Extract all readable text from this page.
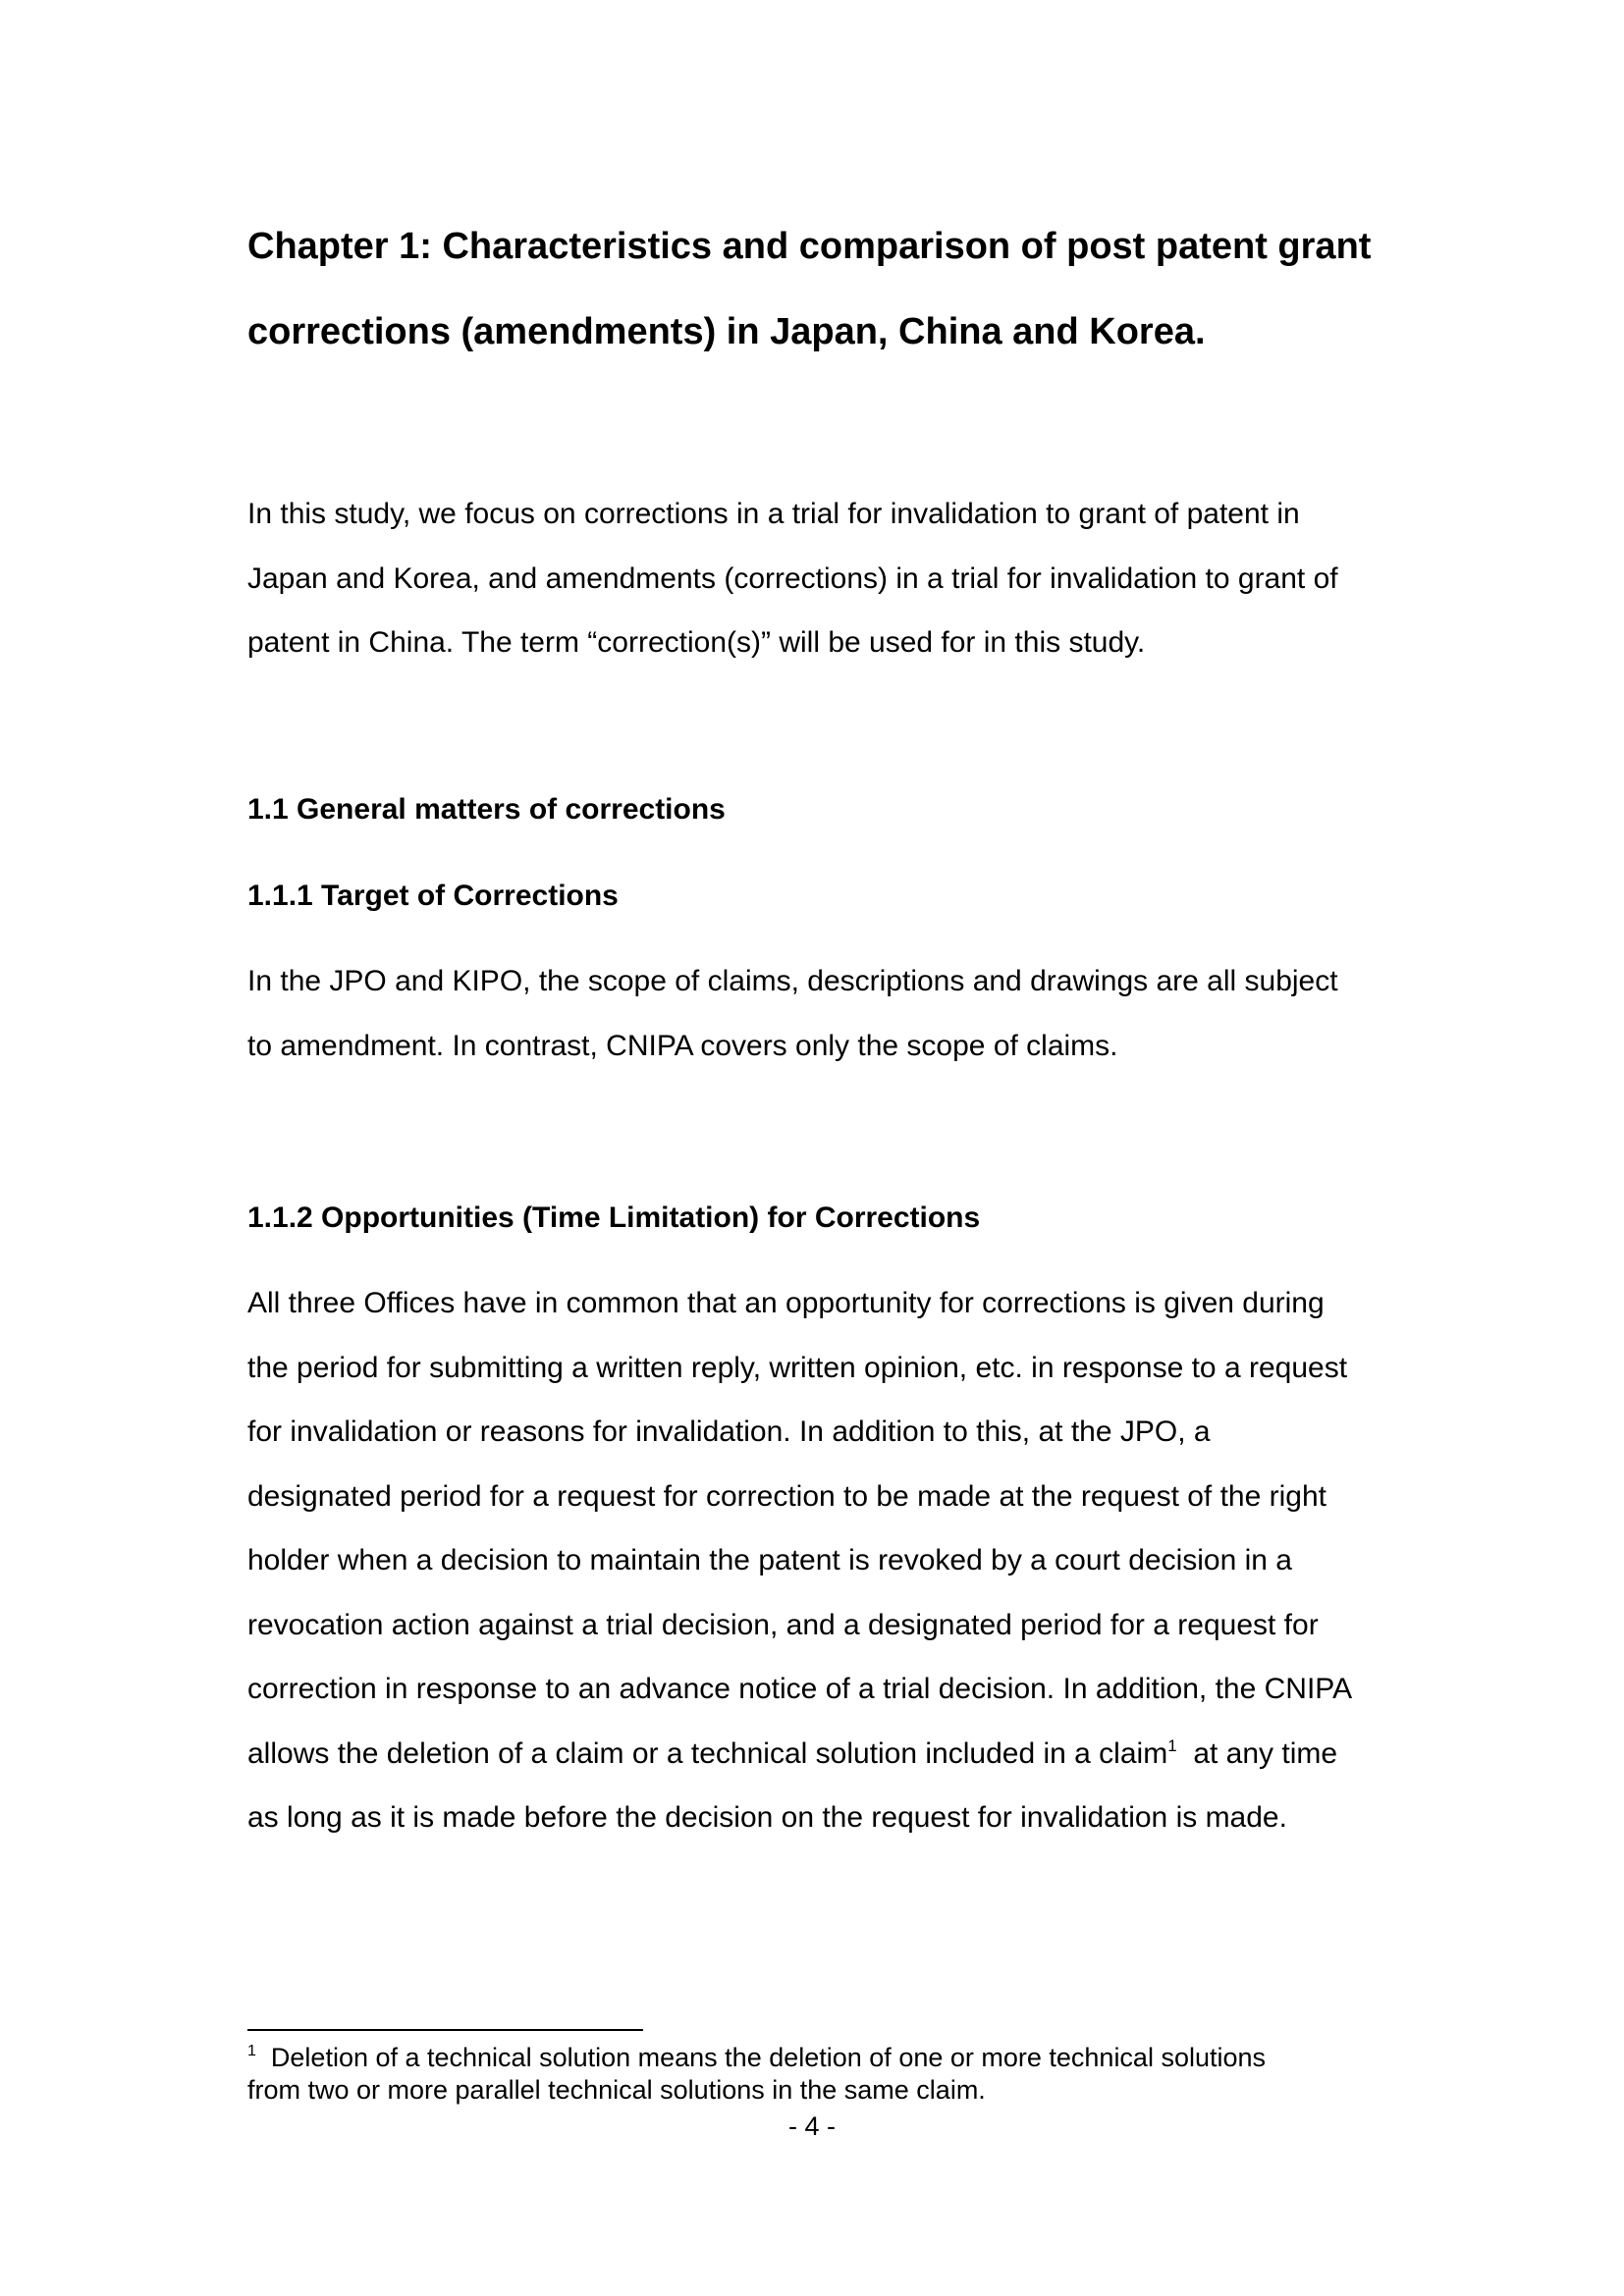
Chapter 1: Characteristics and comparison of post patent grant
corrections (amendments) in Japan, China and Korea.

In this study, we focus on corrections in a trial for invalidation to grant of patent in
Japan and Korea, and amendments (corrections) in a trial for invalidation to grant of
patent in China. The term “correction(s)” will be used for in this study.

1.1 General matters of corrections
1.1.1 Target of Corrections

In the JPO and KIPO, the scope of claims, descriptions and drawings are all subject
to amendment. In contrast, CNIPA covers only the scope of claims.

1.1.2 Opportunities (Time Limitation) for Corrections

All three Offices have in common that an opportunity for corrections is given during
the period for submitting a written reply, written opinion, etc. in response to a request
for invalidation or reasons for invalidation. In addition to this, at the JPO, a
designated period for a request for correction to be made at the request of the right
holder when a decision to maintain the patent is revoked by a court decision in a
revocation action against a trial decision, and a designated period for a request for
correction in response to an advance notice of a trial decision. In addition, the CNIPA
allows the deletion of a claim or a technical solution included in a claim$^1$  at any time
as long as it is made before the decision on the request for invalidation is made.

$^1$  Deletion of a technical solution means the deletion of one or more technical solutions
from two or more parallel technical solutions in the same claim.

- 4 -
